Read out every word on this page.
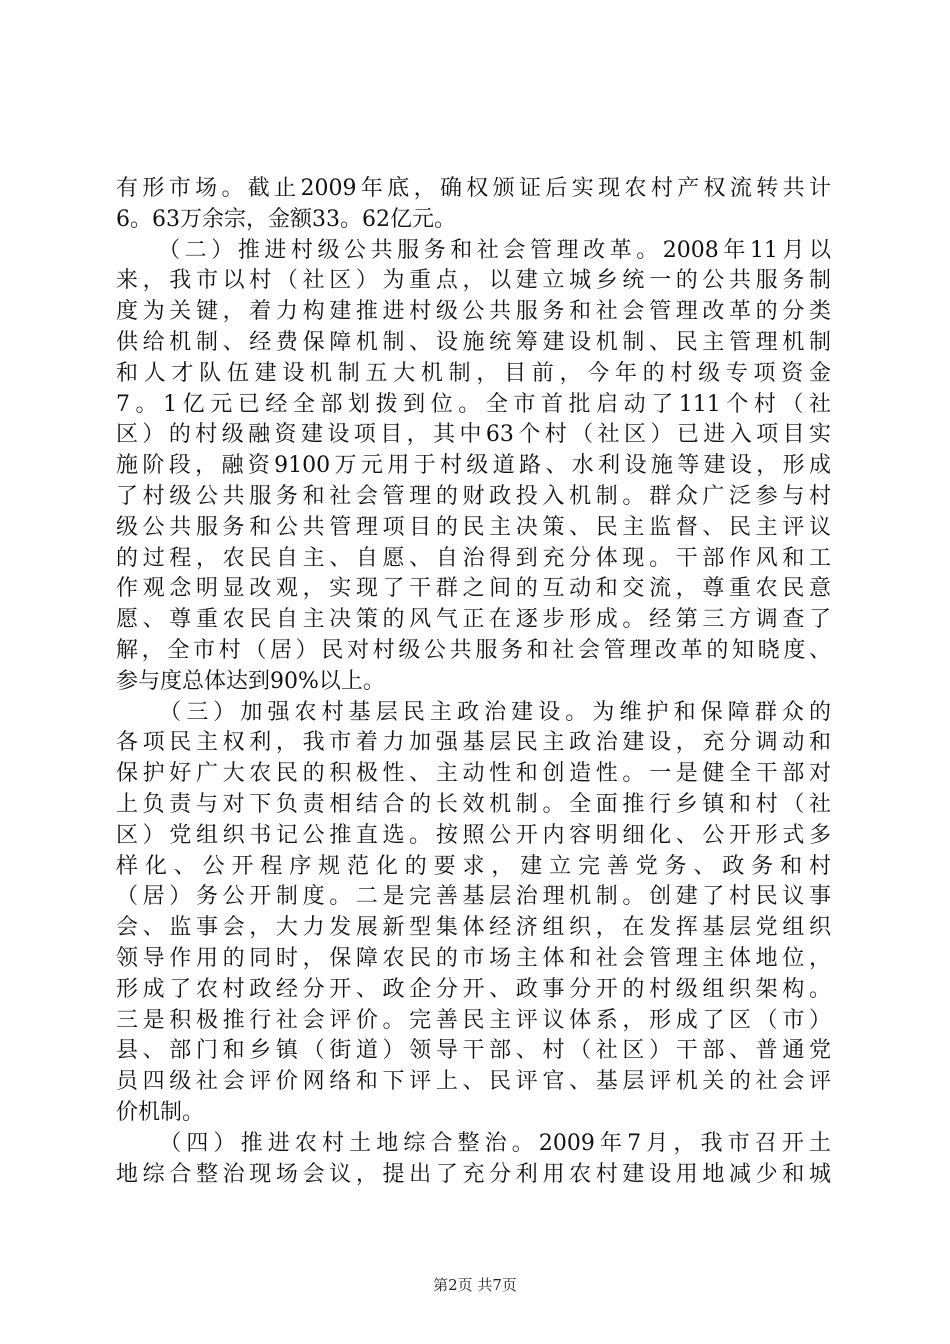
有形市场。截止2009年底，确权颁证后实现农村产权流转共计
6。63万余宗，金额33。62亿元。
　　（二）推进村级公共服务和社会管理改革。2008年11月以
来，我市以村（社区）为重点，以建立城乡统一的公共服务制
度为关键，着力构建推进村级公共服务和社会管理改革的分类
供给机制、经费保障机制、设施统筹建设机制、民主管理机制
和人才队伍建设机制五大机制，目前，今年的村级专项资金
7。1亿元已经全部划拨到位。全市首批启动了111个村（社
区）的村级融资建设项目，其中63个村（社区）已进入项目实
施阶段，融资9100万元用于村级道路、水利设施等建设，形成
了村级公共服务和社会管理的财政投入机制。群众广泛参与村
级公共服务和公共管理项目的民主决策、民主监督、民主评议
的过程，农民自主、自愿、自治得到充分体现。干部作风和工
作观念明显改观，实现了干群之间的互动和交流，尊重农民意
愿、尊重农民自主决策的风气正在逐步形成。经第三方调查了
解，全市村（居）民对村级公共服务和社会管理改革的知晓度、
参与度总体达到90%以上。
　　（三）加强农村基层民主政治建设。为维护和保障群众的
各项民主权利，我市着力加强基层民主政治建设，充分调动和
保护好广大农民的积极性、主动性和创造性。一是健全干部对
上负责与对下负责相结合的长效机制。全面推行乡镇和村（社
区）党组织书记公推直选。按照公开内容明细化、公开形式多
样化、公开程序规范化的要求，建立完善党务、政务和村
（居）务公开制度。二是完善基层治理机制。创建了村民议事
会、监事会，大力发展新型集体经济组织，在发挥基层党组织
领导作用的同时，保障农民的市场主体和社会管理主体地位，
形成了农村政经分开、政企分开、政事分开的村级组织架构。
三是积极推行社会评价。完善民主评议体系，形成了区（市）
县、部门和乡镇（街道）领导干部、村（社区）干部、普通党
员四级社会评价网络和下评上、民评官、基层评机关的社会评
价机制。
　　（四）推进农村土地综合整治。2009年7月，我市召开土
地综合整治现场会议，提出了充分利用农村建设用地减少和城
第2页 共7页
